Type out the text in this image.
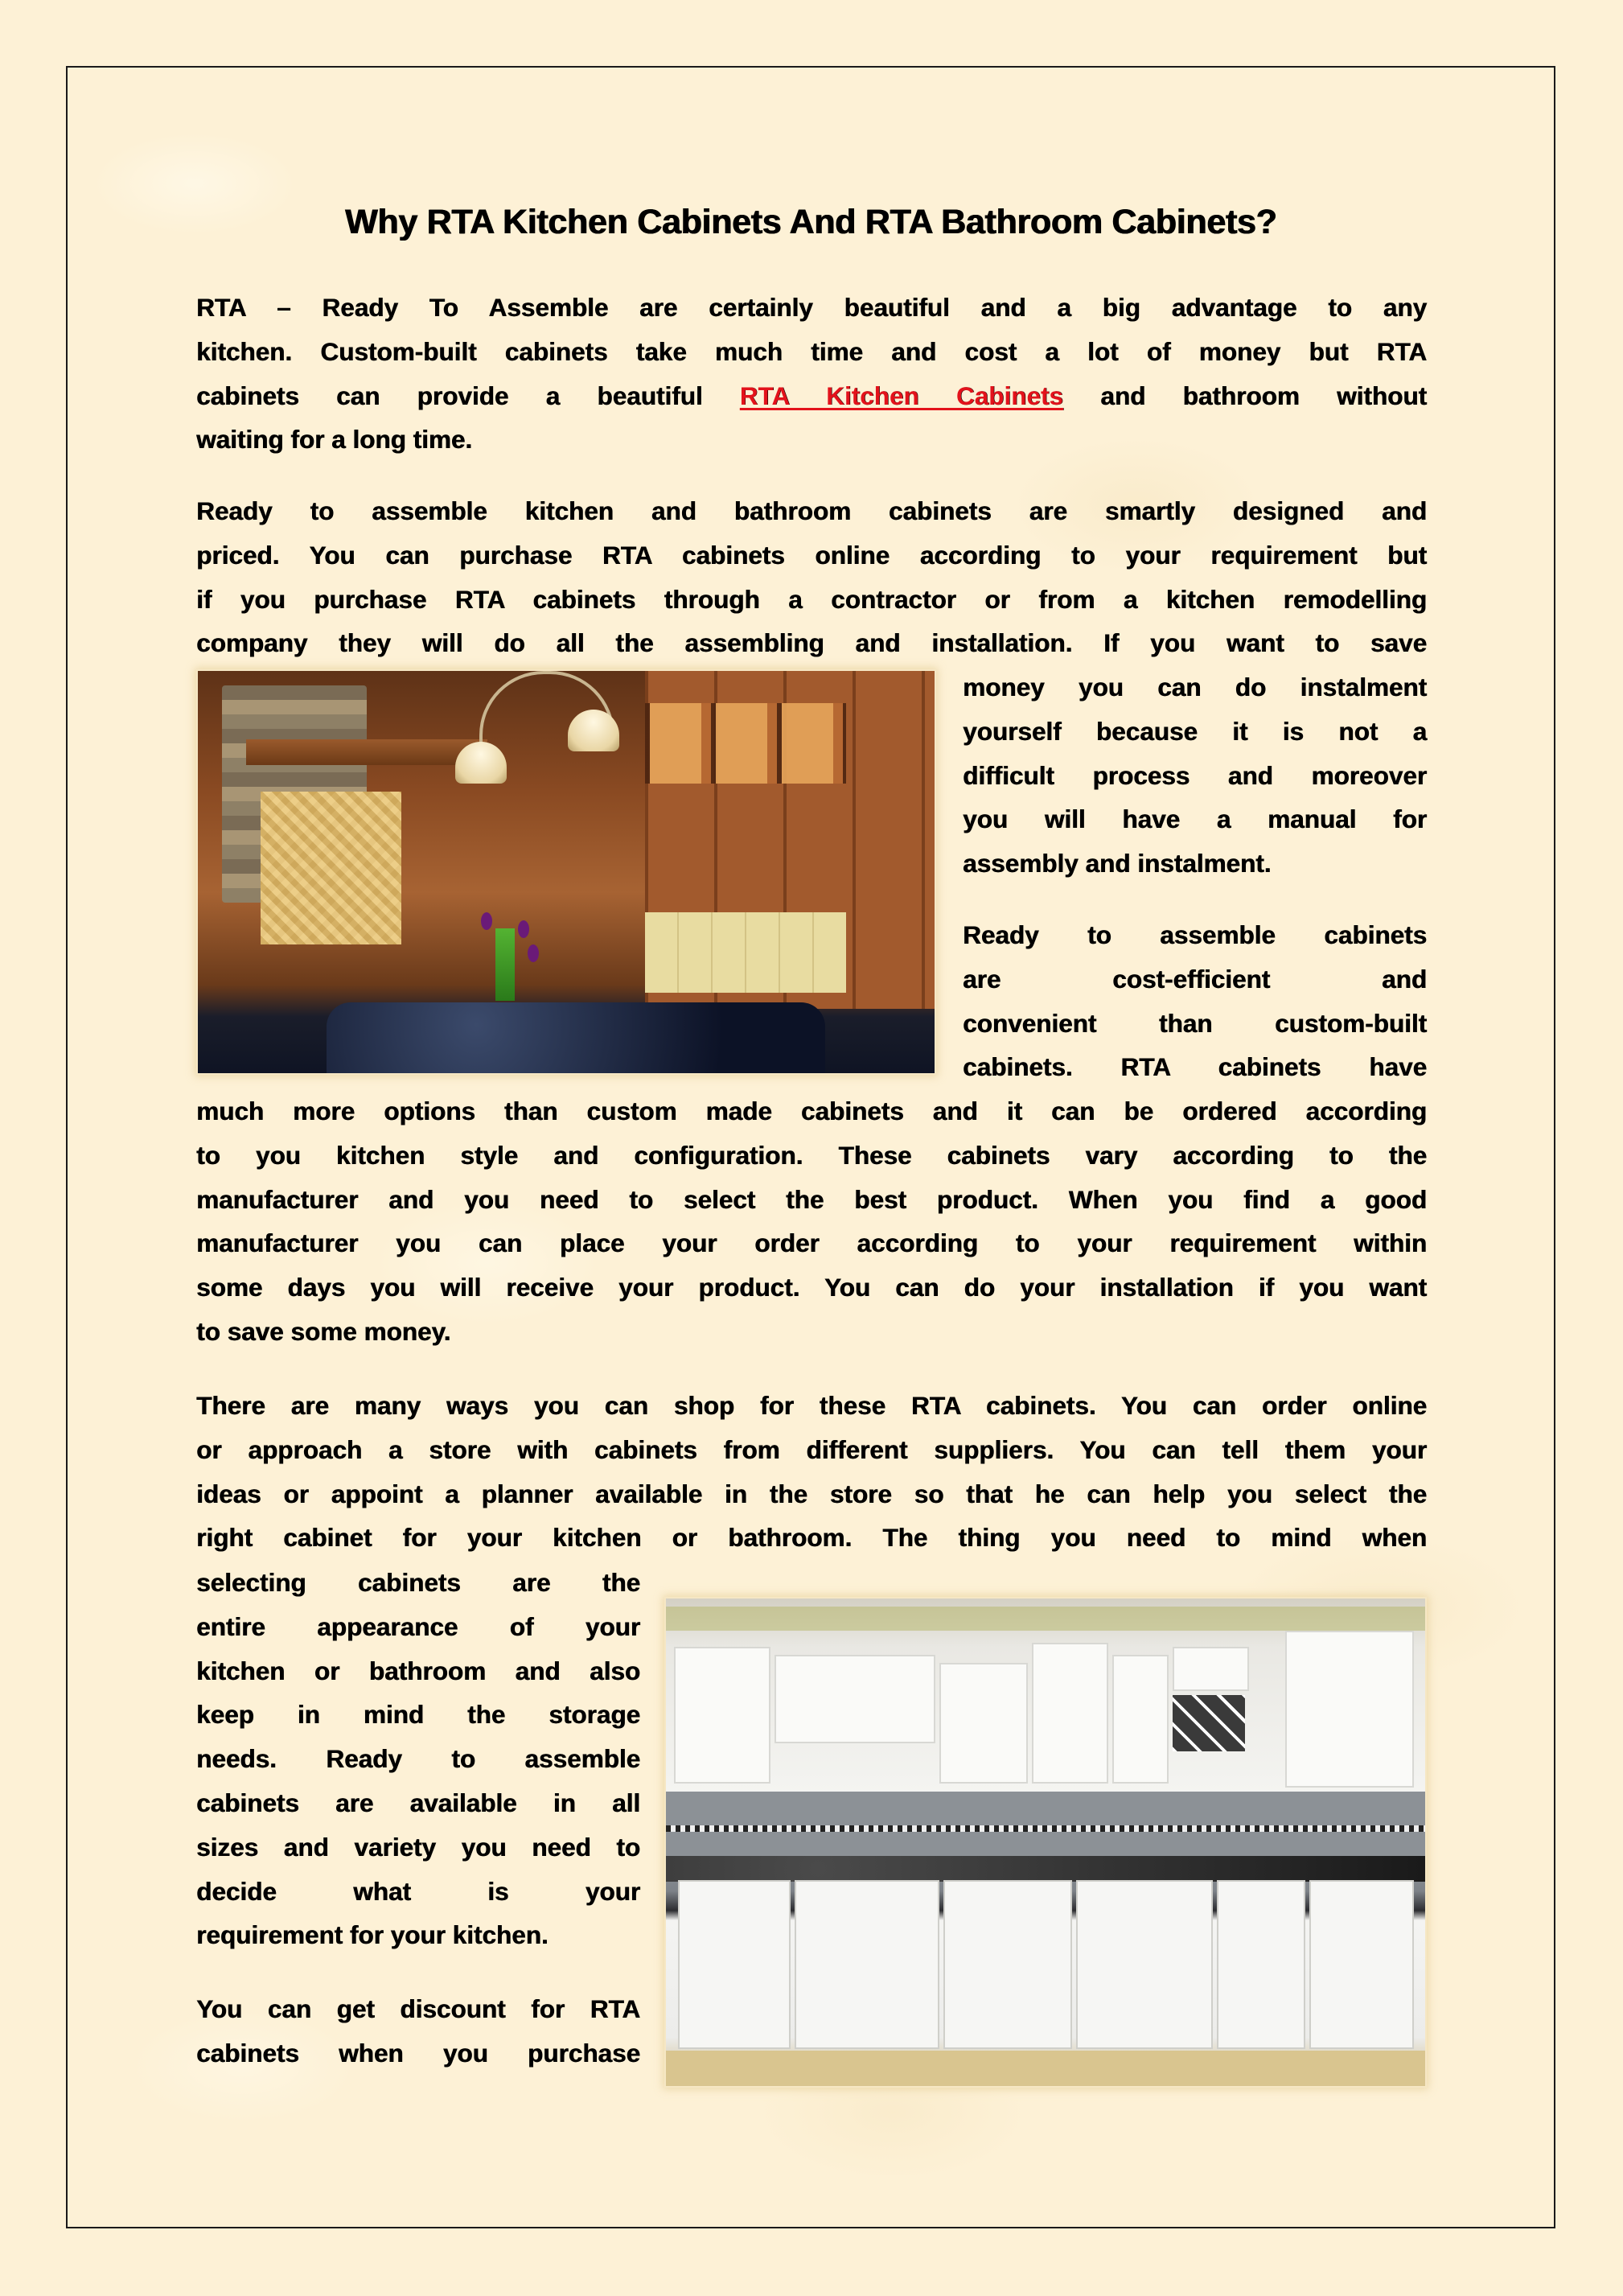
Why RTA Kitchen Cabinets And RTA Bathroom Cabinets?
RTA – Ready To Assemble are certainly beautiful and a big advantage to any
kitchen. Custom-built cabinets take much time and cost a lot of money but RTA
cabinets can provide a beautiful RTA Kitchen Cabinets and bathroom without
waiting for a long time.
Ready to assemble kitchen and bathroom cabinets are smartly designed and
priced. You can purchase RTA cabinets online according to your requirement but
if you purchase RTA cabinets through a contractor or from a kitchen remodelling
company they will do all the assembling and installation. If you want to save
money you can do instalment
yourself because it is not a
difficult process and moreover
you will have a manual for
assembly and instalment.
Ready to assemble cabinets
are cost-efficient and
convenient than custom-built
cabinets. RTA cabinets have
much more options than custom made cabinets and it can be ordered according
to you kitchen style and configuration. These cabinets vary according to the
manufacturer and you need to select the best product. When you find a good
manufacturer you can place your order according to your requirement within
some days you will receive your product. You can do your installation if you want
to save some money.
There are many ways you can shop for these RTA cabinets. You can order online
or approach a store with cabinets from different suppliers. You can tell them your
ideas or appoint a planner available in the store so that he can help you select the
right cabinet for your kitchen or bathroom. The thing you need to mind when
selecting cabinets are the
entire appearance of your
kitchen or bathroom and also
keep in mind the storage
needs. Ready to assemble
cabinets are available in all
sizes and variety you need to
decide what is your
requirement for your kitchen.
You can get discount for RTA
cabinets when you purchase
